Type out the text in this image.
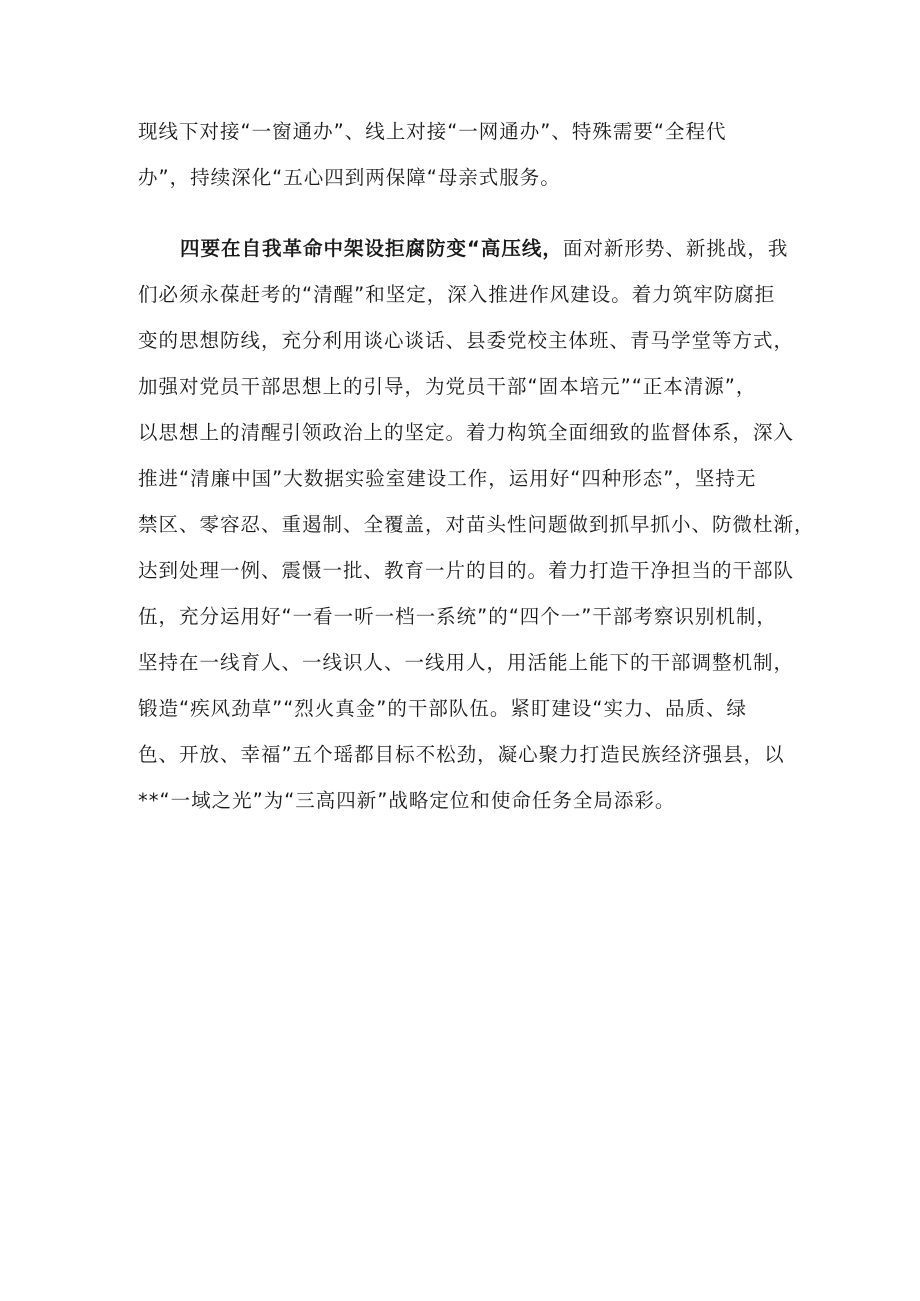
现线下对接“一窗通办”、线上对接“一网通办”、特殊需要“全程代
办”，持续深化“五心四到两保障“母亲式服务。
四要在自我革命中架设拒腐防变“高压线，面对新形势、新挑战，我
们必须永葆赶考的“清醒”和坚定，深入推进作风建设。着力筑牢防腐拒
变的思想防线，充分利用谈心谈话、县委党校主体班、青马学堂等方式，
加强对党员干部思想上的引导，为党员干部“固本培元”“正本清源”，
以思想上的清醒引领政治上的坚定。着力构筑全面细致的监督体系，深入
推进“清廉中国”大数据实验室建设工作，运用好“四种形态”，坚持无
禁区、零容忍、重遏制、全覆盖，对苗头性问题做到抓早抓小、防微杜渐，
达到处理一例、震慑一批、教育一片的目的。着力打造干净担当的干部队
伍，充分运用好“一看一听一档一系统”的“四个一”干部考察识别机制，
坚持在一线育人、一线识人、一线用人，用活能上能下的干部调整机制，
锻造“疾风劲草”“烈火真金”的干部队伍。紧盯建设“实力、品质、绿
色、开放、幸福”五个瑶都目标不松劲，凝心聚力打造民族经济强县，以
**“一域之光”为“三高四新”战略定位和使命任务全局添彩。
